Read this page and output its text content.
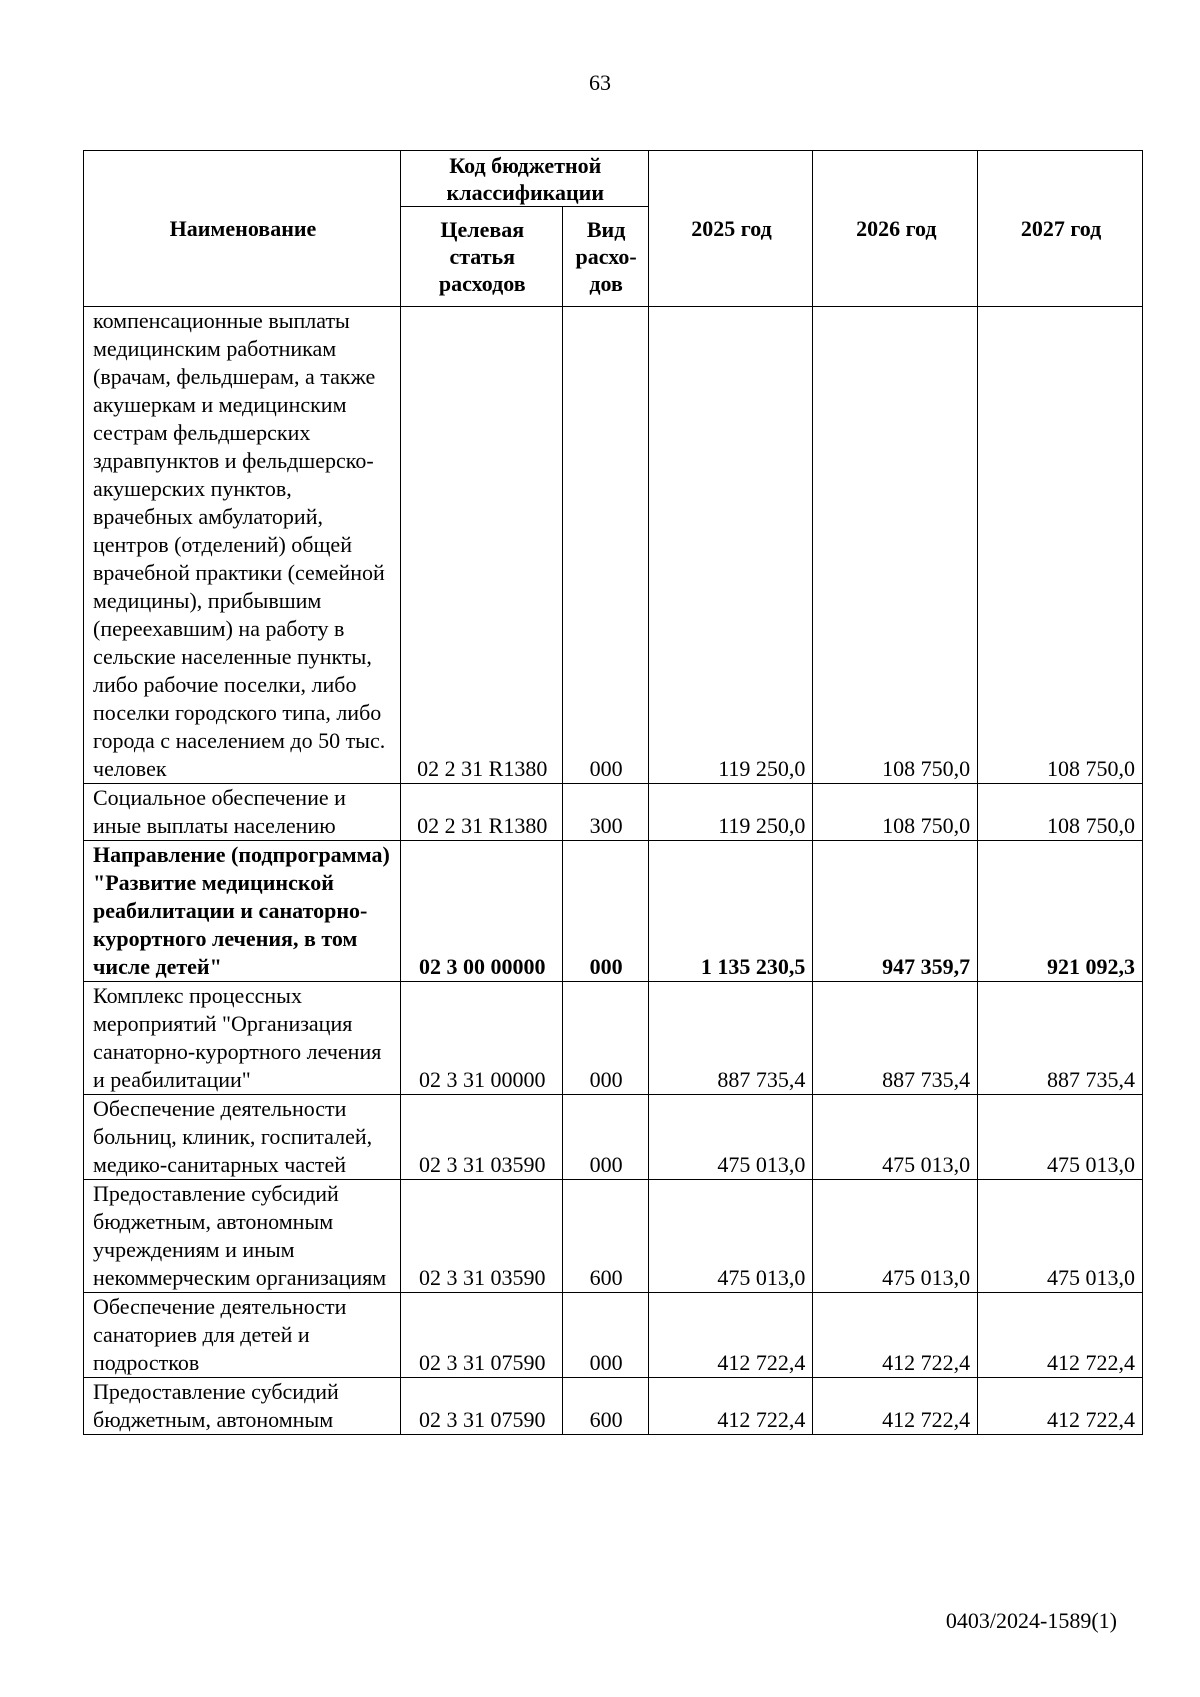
63
Наименование	Код бюджетной классификации		2025 год	2026 год	2027 год
	Целевая статья расходов	Вид расхо-дов			
компенсационные выплаты медицинским работникам (врачам, фельдшерам, а также акушеркам и медицинским сестрам фельдшерских здравпунктов и фельдшерско-акушерских пунктов, врачебных амбулаторий, центров (отделений) общей врачебной практики (семейной медицины), прибывшим (переехавшим) на работу в сельские населенные пункты, либо рабочие поселки, либо поселки городского типа, либо города с населением до 50 тыс. человек	02 2 31 R1380	000	119 250,0	108 750,0	108 750,0
Социальное обеспечение и иные выплаты населению	02 2 31 R1380	300	119 250,0	108 750,0	108 750,0
Направление (подпрограмма) "Развитие медицинской реабилитации и санаторно-курортного лечения, в том числе детей"	02 3 00 00000	000	1 135 230,5	947 359,7	921 092,3
Комплекс процессных мероприятий "Организация санаторно-курортного лечения и реабилитации"	02 3 31 00000	000	887 735,4	887 735,4	887 735,4
Обеспечение деятельности больниц, клиник, госпиталей, медико-санитарных частей	02 3 31 03590	000	475 013,0	475 013,0	475 013,0
Предоставление субсидий бюджетным, автономным учреждениям и иным некоммерческим организациям	02 3 31 03590	600	475 013,0	475 013,0	475 013,0
Обеспечение деятельности санаториев для детей и подростков	02 3 31 07590	000	412 722,4	412 722,4	412 722,4
Предоставление субсидий бюджетным, автономным	02 3 31 07590	600	412 722,4	412 722,4	412 722,4
0403/2024-1589(1)
